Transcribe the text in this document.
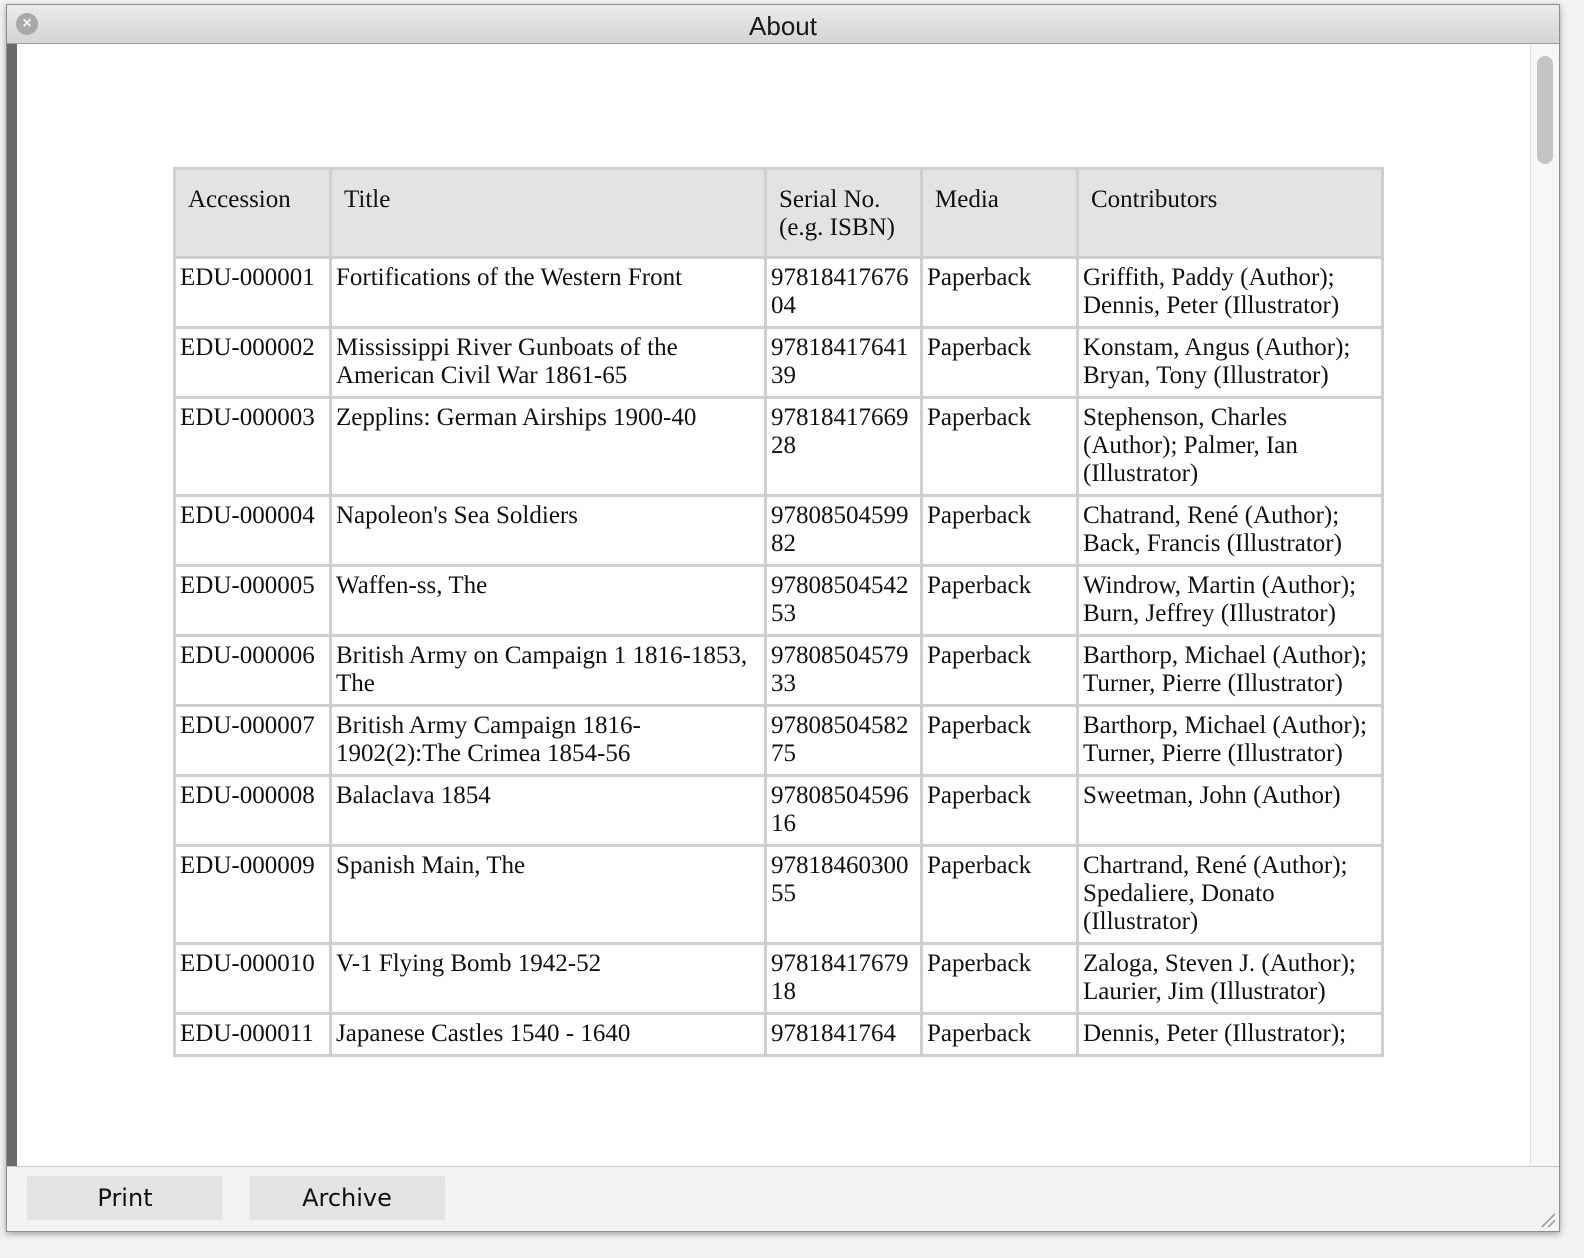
×	About
Accession	Title	Serial No. (e.g. ISBN)	Media	Contributors
EDU-000001	Fortifications of the Western Front	9781841767604	Paperback	Griffith, Paddy (Author); Dennis, Peter (Illustrator)
EDU-000002	Mississippi River Gunboats of the American Civil War 1861-65	9781841764139	Paperback	Konstam, Angus (Author); Bryan, Tony (Illustrator)
EDU-000003	Zepplins: German Airships 1900-40	9781841766928	Paperback	Stephenson, Charles (Author); Palmer, Ian (Illustrator)
EDU-000004	Napoleon's Sea Soldiers	9780850459982	Paperback	Chatrand, René (Author); Back, Francis (Illustrator)
EDU-000005	Waffen-ss, The	9780850454253	Paperback	Windrow, Martin (Author); Burn, Jeffrey (Illustrator)
EDU-000006	British Army on Campaign 1 1816-1853, The	9780850457933	Paperback	Barthorp, Michael (Author); Turner, Pierre (Illustrator)
EDU-000007	British Army Campaign 1816-1902(2):The Crimea 1854-56	9780850458275	Paperback	Barthorp, Michael (Author); Turner, Pierre (Illustrator)
EDU-000008	Balaclava 1854	9780850459616	Paperback	Sweetman, John (Author)
EDU-000009	Spanish Main, The	9781846030055	Paperback	Chartrand, René (Author); Spedaliere, Donato (Illustrator)
EDU-000010	V-1 Flying Bomb 1942-52	9781841767918	Paperback	Zaloga, Steven J. (Author); Laurier, Jim (Illustrator)
EDU-000011	Japanese Castles 1540 - 1640	9781841764	Paperback	Dennis, Peter (Illustrator);
Print	Archive
